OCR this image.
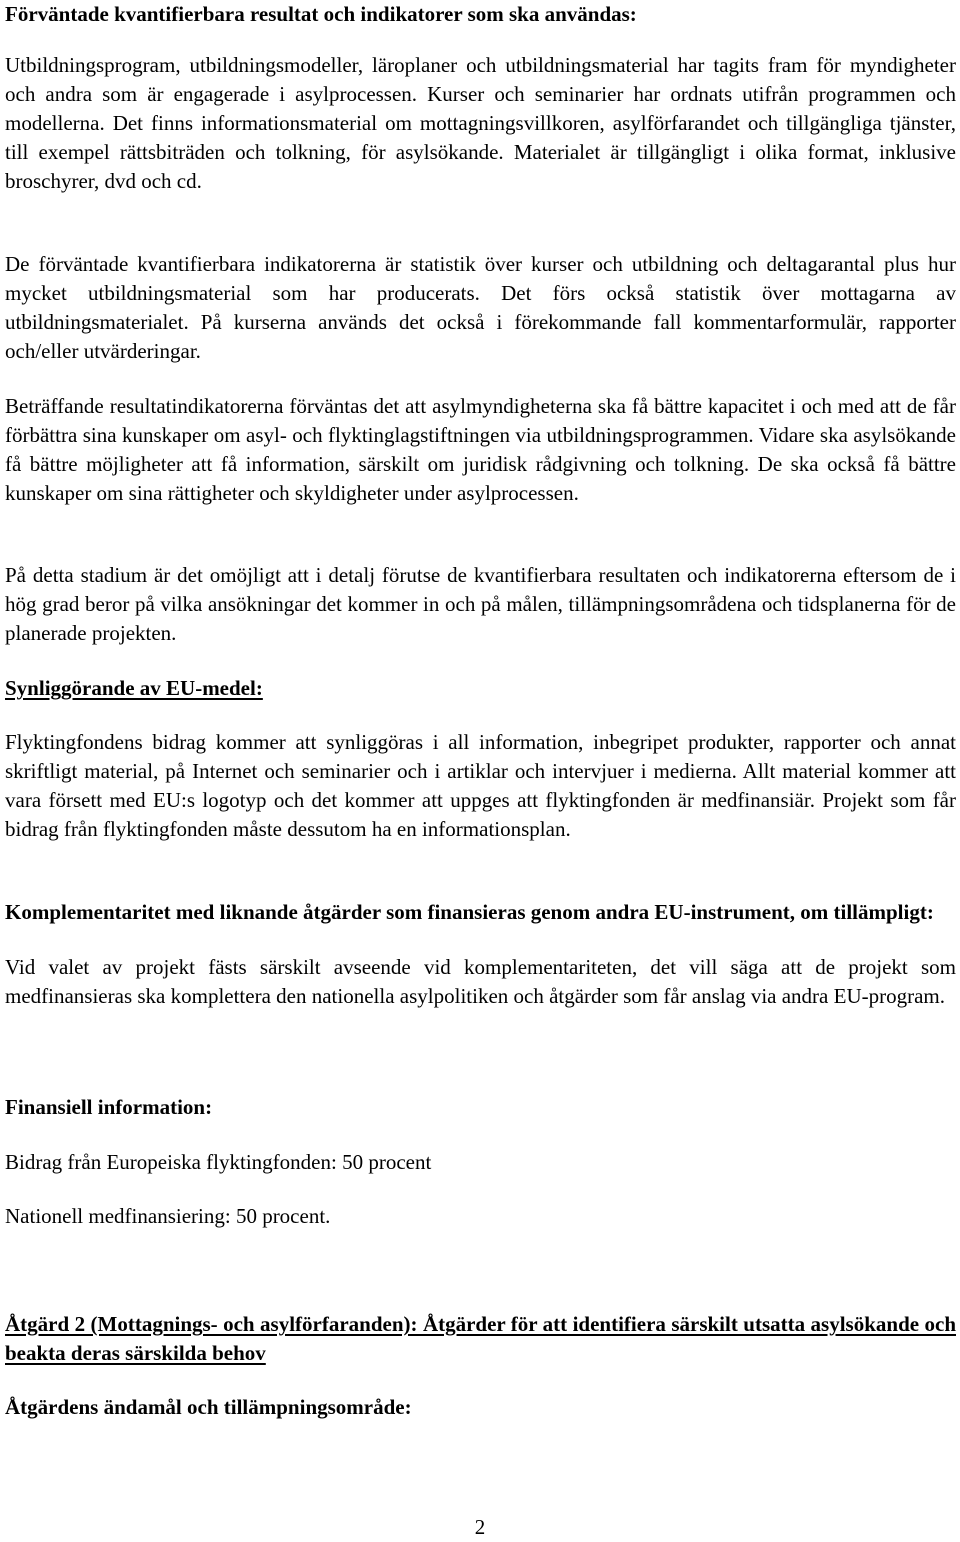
Förväntade kvantifierbara resultat och indikatorer som ska användas:

Utbildningsprogram, utbildningsmodeller, läroplaner och utbildningsmaterial har tagits fram för myndigheter och andra som är engagerade i asylprocessen. Kurser och seminarier har ordnats utifrån programmen och modellerna. Det finns informationsmaterial om mottagningsvillkoren, asylförfarandet och tillgängliga tjänster, till exempel rättsbiträden och tolkning, för asylsökande. Materialet är tillgängligt i olika format, inklusive broschyrer, dvd och cd.

De förväntade kvantifierbara indikatorerna är statistik över kurser och utbildning och deltagarantal plus hur mycket utbildningsmaterial som har producerats. Det förs också statistik över mottagarna av utbildningsmaterialet. På kurserna används det också i förekommande fall kommentarformulär, rapporter och/eller utvärderingar.

Beträffande resultatindikatorerna förväntas det att asylmyndigheterna ska få bättre kapacitet i och med att de får förbättra sina kunskaper om asyl- och flyktinglagstiftningen via utbildningsprogrammen. Vidare ska asylsökande få bättre möjligheter att få information, särskilt om juridisk rådgivning och tolkning. De ska också få bättre kunskaper om sina rättigheter och skyldigheter under asylprocessen.

På detta stadium är det omöjligt att i detalj förutse de kvantifierbara resultaten och indikatorerna eftersom de i hög grad beror på vilka ansökningar det kommer in och på målen, tillämpningsområdena och tidsplanerna för de planerade projekten.

Synliggörande av EU-medel:

Flyktingfondens bidrag kommer att synliggöras i all information, inbegripet produkter, rapporter och annat skriftligt material, på Internet och seminarier och i artiklar och intervjuer i medierna. Allt material kommer att vara försett med EU:s logotyp och det kommer att uppges att flyktingfonden är medfinansiär. Projekt som får bidrag från flyktingfonden måste dessutom ha en informationsplan.

Komplementaritet med liknande åtgärder som finansieras genom andra EU-instrument, om tillämpligt:

Vid valet av projekt fästs särskilt avseende vid komplementariteten, det vill säga att de projekt som medfinansieras ska komplettera den nationella asylpolitiken och åtgärder som får anslag via andra EU-program.

Finansiell information:

Bidrag från Europeiska flyktingfonden: 50 procent

Nationell medfinansiering: 50 procent.

Åtgärd 2 (Mottagnings- och asylförfaranden): Åtgärder för att identifiera särskilt utsatta asylsökande och beakta deras särskilda behov

Åtgärdens ändamål och tillämpningsområde:

2
